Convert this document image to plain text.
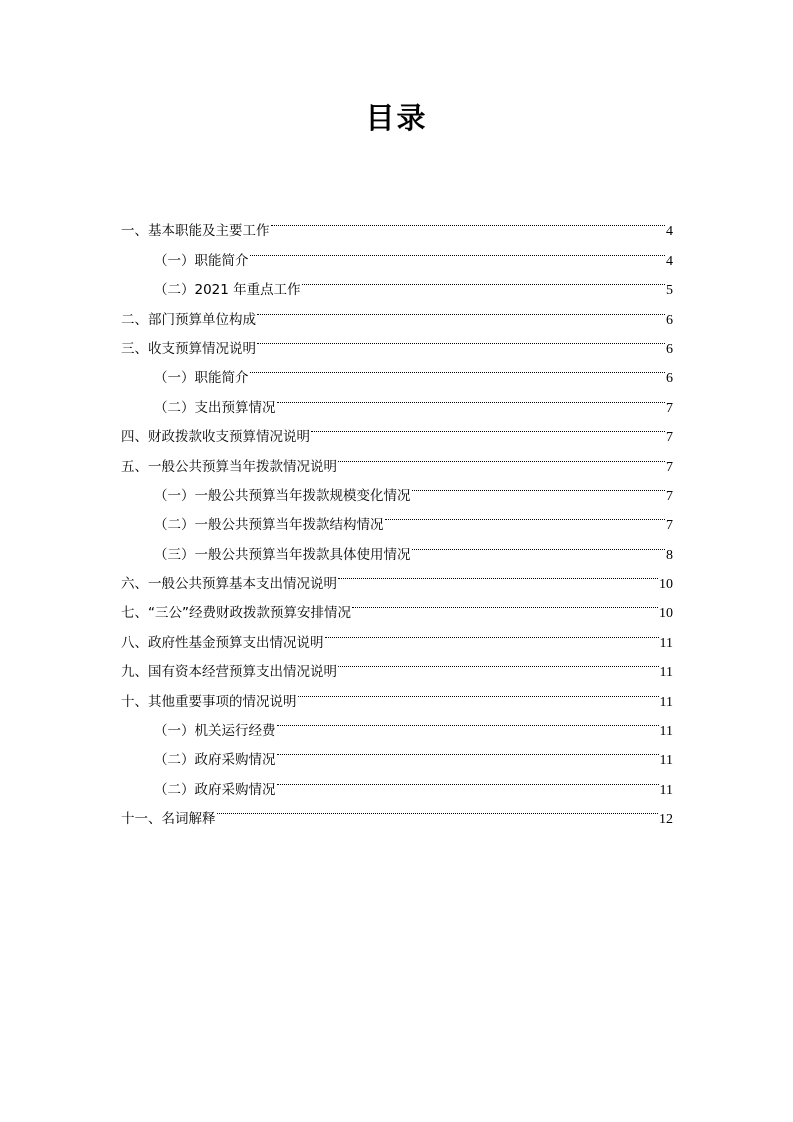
目录
一、基本职能及主要工作	4
（一）职能简介	4
（二）2021 年重点工作	5
二、部门预算单位构成	6
三、收支预算情况说明	6
（一）职能简介	6
（二）支出预算情况	7
四、财政拨款收支预算情况说明	7
五、一般公共预算当年拨款情况说明	7
（一）一般公共预算当年拨款规模变化情况	7
（二）一般公共预算当年拨款结构情况	7
（三）一般公共预算当年拨款具体使用情况	8
六、一般公共预算基本支出情况说明	10
七、“三公”经费财政拨款预算安排情况	10
八、政府性基金预算支出情况说明	11
九、国有资本经营预算支出情况说明	11
十、其他重要事项的情况说明	11
（一）机关运行经费	11
（二）政府采购情况	11
（二）政府采购情况	11
十一、名词解释	12
